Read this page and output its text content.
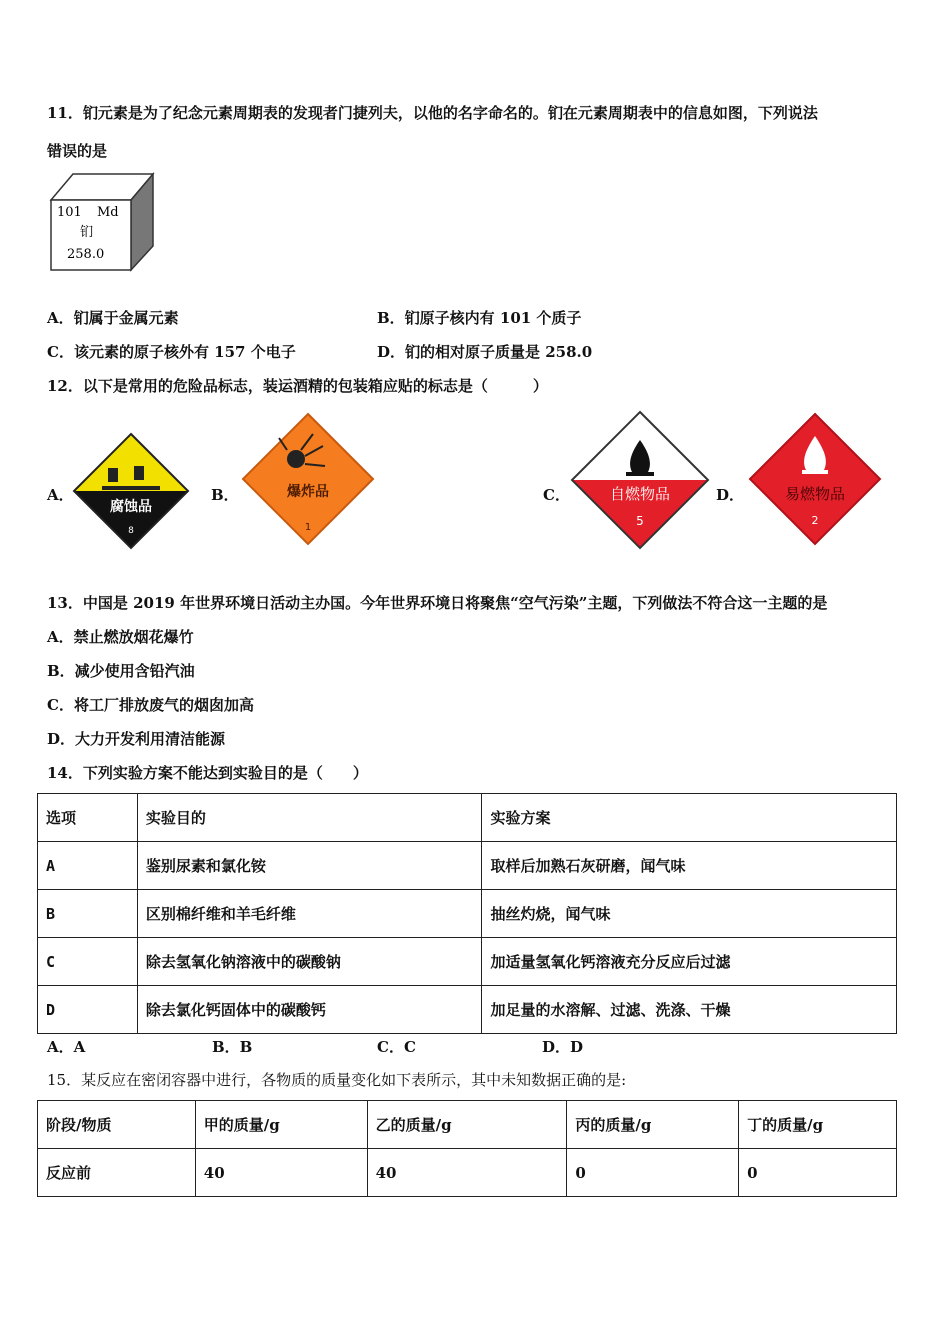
11．钔元素是为了纪念元素周期表的发现者门捷列夫，以他的名字命名的。钔在元素周期表中的信息如图，下列说法
错误的是
101 Md
钔
258.0
A．钔属于金属元素	B．钔原子核内有 101 个质子
C．该元素的原子核外有 157 个电子	D．钔的相对原子质量是 258.0
12．以下是常用的危险品标志，装运酒精的包装箱应贴的标志是（　　　）
A．
腐蚀品
8
B．	爆炸品
1
C．	自燃物品
5
D．	易燃物品
2
13．中国是 2019 年世界环境日活动主办国。今年世界环境日将聚焦“空气污染”主题，下列做法不符合这一主题的是
A．禁止燃放烟花爆竹
B．减少使用含铅汽油
C．将工厂排放废气的烟囱加高
D．大力开发利用清洁能源
14．下列实验方案不能达到实验目的是（　　）
选项	实验目的	实验方案
A	鉴别尿素和氯化铵	取样后加熟石灰研磨，闻气味
B	区别棉纤维和羊毛纤维	抽丝灼烧，闻气味
C	除去氢氧化钠溶液中的碳酸钠	加适量氢氧化钙溶液充分反应后过滤
D	除去氯化钙固体中的碳酸钙	加足量的水溶解、过滤、洗涤、干燥
A．A	B．B	C．C	D．D
15．某反应在密闭容器中进行，各物质的质量变化如下表所示，其中未知数据正确的是:
阶段/物质	甲的质量/g	乙的质量/g	丙的质量/g	丁的质量/g
反应前	40	40	0	0
